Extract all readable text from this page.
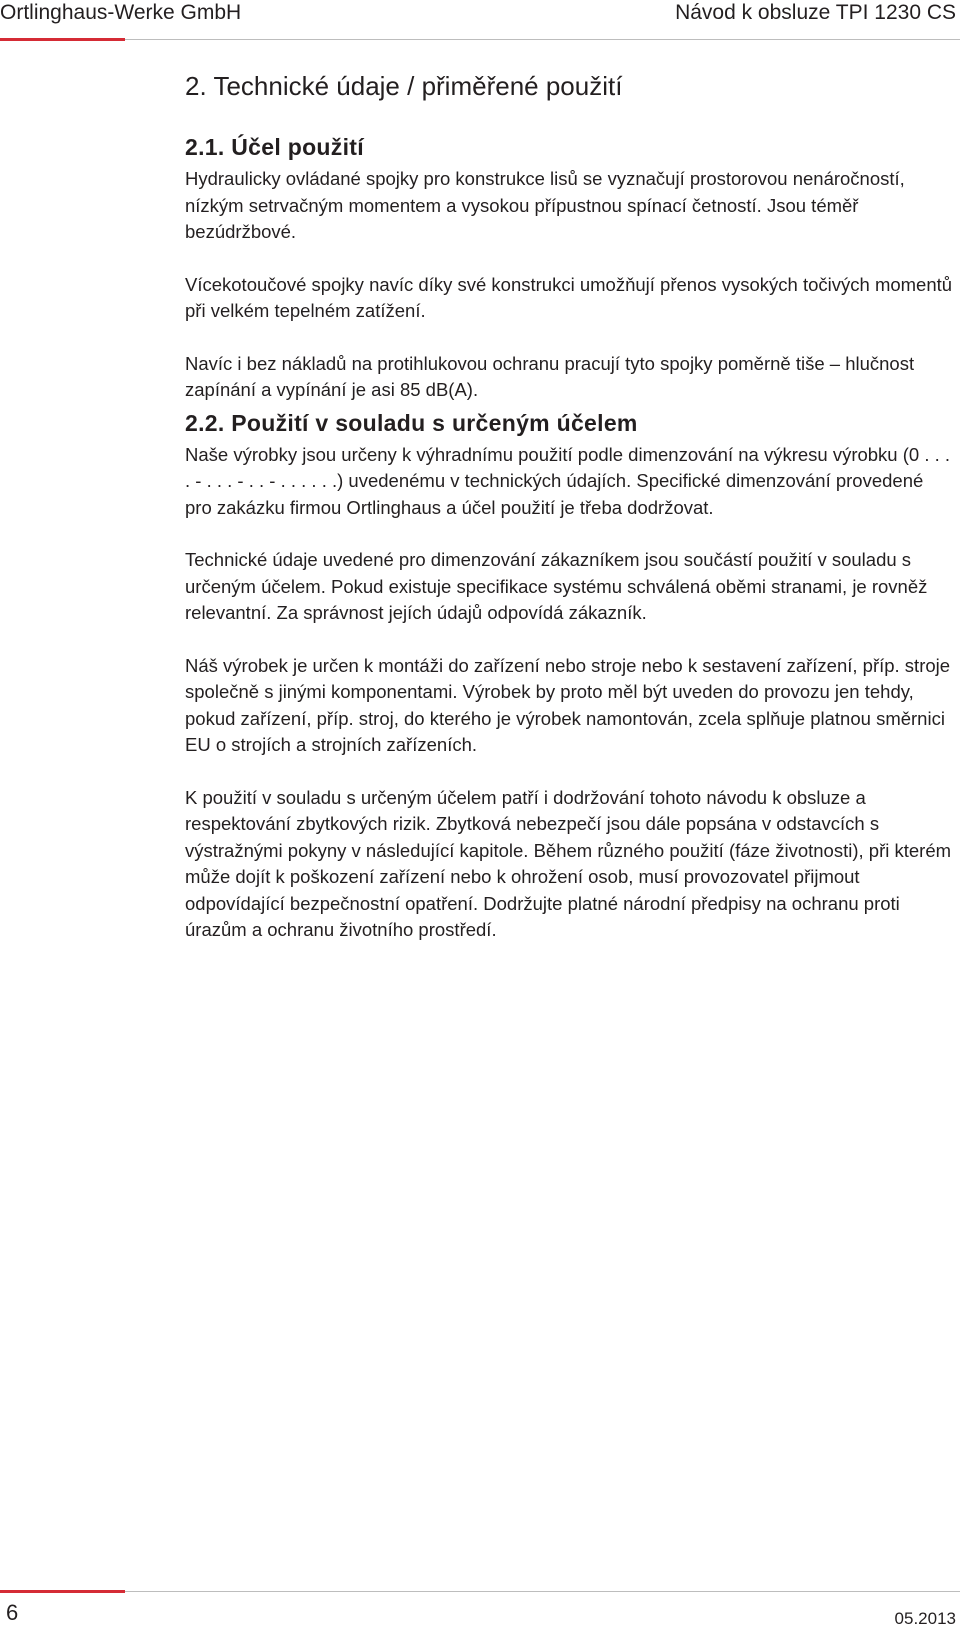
Ortlinghaus-Werke GmbH	Návod k obsluze TPI 1230 CS
2. Technické údaje / přiměřené použití
2.1. Účel použití

Hydraulicky ovládané spojky pro konstrukce lisů se vyznačují prostorovou nenáročností, nízkým setrvačným momentem a vysokou přípustnou spínací četností. Jsou téměř bezúdržbové.

Vícekotoučové spojky navíc díky své konstrukci umožňují přenos vysokých točivých momentů při velkém tepelném zatížení.

Navíc i bez nákladů na protihlukovou ochranu pracují tyto spojky poměrně tiše – hlučnost zapínání a vypínání je asi 85 dB(A).

2.2. Použití v souladu s určeným účelem

Naše výrobky jsou určeny k výhradnímu použití podle dimenzování na výkresu výrobku (0 . . . . - . . . - . . - . . . . . .) uvedenému v technických údajích. Specifické dimenzování provedené pro zakázku firmou Ortlinghaus a účel použití je třeba dodržovat.

Technické údaje uvedené pro dimenzování zákazníkem jsou součástí použití v souladu s určeným účelem. Pokud existuje specifikace systému schválená oběmi stranami, je rovněž relevantní. Za správnost jejích údajů odpovídá zákazník.

Náš výrobek je určen k montáži do zařízení nebo stroje nebo k sestavení zařízení, příp. stroje společně s jinými komponentami. Výrobek by proto měl být uveden do provozu jen tehdy, pokud zařízení, příp. stroj, do kterého je výrobek namontován, zcela splňuje platnou směrnici EU o strojích a strojních zařízeních.

K použití v souladu s určeným účelem patří i dodržování tohoto návodu k obsluze a respektování zbytkových rizik. Zbytková nebezpečí jsou dále popsána v odstavcích s výstražnými pokyny v následující kapitole. Během různého použití (fáze životnosti), při kterém může dojít k poškození zařízení nebo k ohrožení osob, musí provozovatel přijmout odpovídající bezpečnostní opatření. Dodržujte platné národní předpisy na ochranu proti úrazům a ochranu životního prostředí.

6	05.2013
